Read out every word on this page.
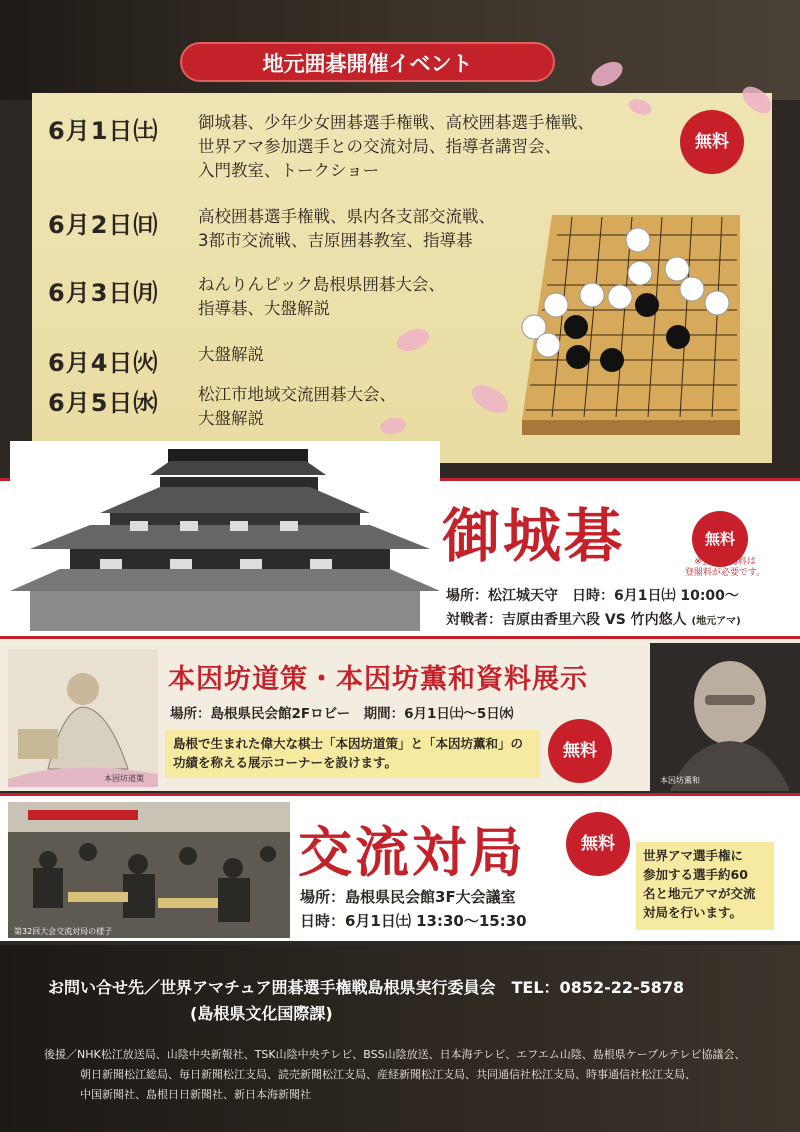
地元囲碁開催イベント
6月1日㈯	御城碁、少年少女囲碁選手権戦、高校囲碁選手権戦、
世界アマ参加選手との交流対局、指導者講習会、
入門教室、トークショー
6月2日㈰	高校囲碁選手権戦、県内各支部交流戦、
3都市交流戦、吉原囲碁教室、指導碁
6月3日㈪	ねんりんピック島根県囲碁大会、
指導碁、大盤解説
6月4日㈫	大盤解説
6月5日㈬	松江市地域交流囲碁大会、
大盤解説
無料
御城碁	無料
※会場入場料は
登閣料が必要です。
場所：松江城天守　日時：6月1日㈯ 10:00〜
対戦者：吉原由香里六段 VS 竹内悠人 (地元アマ)
本因坊道策
本因坊道策・本因坊薫和資料展示
場所：島根県民会館2Fロビー　期間：6月1日㈯〜5日㈬
島根で生まれた偉大な棋士「本因坊道策」と「本因坊薫和」の
功績を称える展示コーナーを設けます。
無料
本因坊薫和
第32回大会交流対局の様子
交流対局	無料
場所：島根県民会館3F大会議室
日時：6月1日㈯ 13:30〜15:30
世界アマ選手権に
参加する選手約60
名と地元アマが交流
対局を行います。
お問い合せ先／世界アマチュア囲碁選手権戦島根県実行委員会　TEL：0852-22-5878
(島根県文化国際課)
後援／NHK松江放送局、山陰中央新報社、TSK山陰中央テレビ、BSS山陰放送、日本海テレビ、エフエム山陰、島根県ケーブルテレビ協議会、
朝日新聞松江総局、毎日新聞松江支局、読売新聞松江支局、産経新聞松江支局、共同通信社松江支局、時事通信社松江支局、
中国新聞社、島根日日新聞社、新日本海新聞社
